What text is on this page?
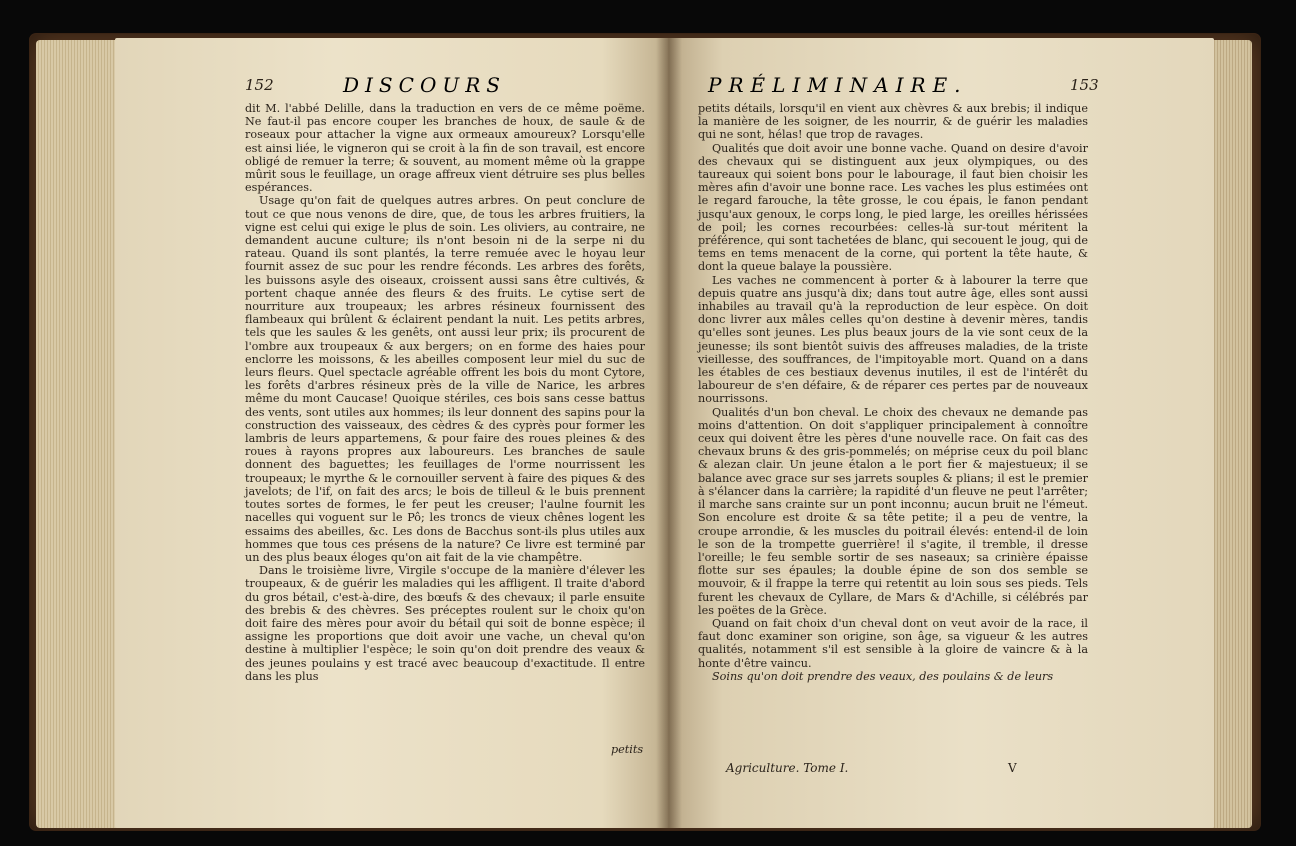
152	DISCOURS

dit M. l'abbé Delille, dans la traduction en vers de ce même poëme. Ne faut-il pas encore couper les branches de houx, de saule & de roseaux pour attacher la vigne aux ormeaux amoureux? Lorsqu'elle est ainsi liée, le vigneron qui se croit à la fin de son travail, est encore obligé de remuer la terre; & souvent, au moment même où la grappe mûrit sous le feuillage, un orage affreux vient détruire ses plus belles espérances.

Usage qu'on fait de quelques autres arbres. On peut conclure de tout ce que nous venons de dire, que, de tous les arbres fruitiers, la vigne est celui qui exige le plus de soin. Les oliviers, au contraire, ne demandent aucune culture; ils n'ont besoin ni de la serpe ni du rateau. Quand ils sont plantés, la terre remuée avec le hoyau leur fournit assez de suc pour les rendre féconds. Les arbres des forêts, les buissons asyle des oiseaux, croissent aussi sans être cultivés, & portent chaque année des fleurs & des fruits. Le cytise sert de nourriture aux troupeaux; les arbres résineux fournissent des flambeaux qui brûlent & éclairent pendant la nuit. Les petits arbres, tels que les saules & les genêts, ont aussi leur prix; ils procurent de l'ombre aux troupeaux & aux bergers; on en forme des haies pour enclorre les moissons, & les abeilles composent leur miel du suc de leurs fleurs. Quel spectacle agréable offrent les bois du mont Cytore, les forêts d'arbres résineux près de la ville de Narice, les arbres même du mont Caucase! Quoique stériles, ces bois sans cesse battus des vents, sont utiles aux hommes; ils leur donnent des sapins pour la construction des vaisseaux, des cèdres & des cyprès pour former les lambris de leurs appartemens, & pour faire des roues pleines & des roues à rayons propres aux laboureurs. Les branches de saule donnent des baguettes; les feuillages de l'orme nourrissent les troupeaux; le myrthe & le cornouiller servent à faire des piques & des javelots; de l'if, on fait des arcs; le bois de tilleul & le buis prennent toutes sortes de formes, le fer peut les creuser; l'aulne fournit les nacelles qui voguent sur le Pô; les troncs de vieux chênes logent les essaims des abeilles, &c. Les dons de Bacchus sont-ils plus utiles aux hommes que tous ces présens de la nature? Ce livre est terminé par un des plus beaux éloges qu'on ait fait de la vie champêtre.

Dans le troisième livre, Virgile s'occupe de la manière d'élever les troupeaux, & de guérir les maladies qui les affligent. Il traite d'abord du gros bétail, c'est-à-dire, des bœufs & des chevaux; il parle ensuite des brebis & des chèvres. Ses préceptes roulent sur le choix qu'on doit faire des mères pour avoir du bétail qui soit de bonne espèce; il assigne les proportions que doit avoir une vache, un cheval qu'on destine à multiplier l'espèce; le soin qu'on doit prendre des veaux & des jeunes poulains y est tracé avec beaucoup d'exactitude. Il entre dans les plus

petits
PRÉLIMINAIRE.	153

petits détails, lorsqu'il en vient aux chèvres & aux brebis; il indique la manière de les soigner, de les nourrir, & de guérir les maladies qui ne sont, hélas! que trop de ravages.

Qualités que doit avoir une bonne vache. Quand on desire d'avoir des chevaux qui se distinguent aux jeux olympiques, ou des taureaux qui soient bons pour le labourage, il faut bien choisir les mères afin d'avoir une bonne race. Les vaches les plus estimées ont le regard farouche, la tête grosse, le cou épais, le fanon pendant jusqu'aux genoux, le corps long, le pied large, les oreilles hérissées de poil; les cornes recourbées: celles-là sur-tout méritent la préférence, qui sont tachetées de blanc, qui secouent le joug, qui de tems en tems menacent de la corne, qui portent la tête haute, & dont la queue balaye la poussière.

Les vaches ne commencent à porter & à labourer la terre que depuis quatre ans jusqu'à dix; dans tout autre âge, elles sont aussi inhabiles au travail qu'à la reproduction de leur espèce. On doit donc livrer aux mâles celles qu'on destine à devenir mères, tandis qu'elles sont jeunes. Les plus beaux jours de la vie sont ceux de la jeunesse; ils sont bientôt suivis des affreuses maladies, de la triste vieillesse, des souffrances, de l'impitoyable mort. Quand on a dans les étables de ces bestiaux devenus inutiles, il est de l'intérêt du laboureur de s'en défaire, & de réparer ces pertes par de nouveaux nourrissons.

Qualités d'un bon cheval. Le choix des chevaux ne demande pas moins d'attention. On doit s'appliquer principalement à connoître ceux qui doivent être les pères d'une nouvelle race. On fait cas des chevaux bruns & des gris-pommelés; on méprise ceux du poil blanc & alezan clair. Un jeune étalon a le port fier & majestueux; il se balance avec grace sur ses jarrets souples & plians; il est le premier à s'élancer dans la carrière; la rapidité d'un fleuve ne peut l'arrêter; il marche sans crainte sur un pont inconnu; aucun bruit ne l'émeut. Son encolure est droite & sa tête petite; il a peu de ventre, la croupe arrondie, & les muscles du poitrail élevés: entend-il de loin le son de la trompette guerrière! il s'agite, il tremble, il dresse l'oreille; le feu semble sortir de ses naseaux; sa crinière épaisse flotte sur ses épaules; la double épine de son dos semble se mouvoir, & il frappe la terre qui retentit au loin sous ses pieds. Tels furent les chevaux de Cyllare, de Mars & d'Achille, si célébrés par les poëtes de la Grèce.

Quand on fait choix d'un cheval dont on veut avoir de la race, il faut donc examiner son origine, son âge, sa vigueur & les autres qualités, notamment s'il est sensible à la gloire de vaincre & à la honte d'être vaincu.

Soins qu'on doit prendre des veaux, des poulains & de leurs

Agriculture. Tome I.	V
